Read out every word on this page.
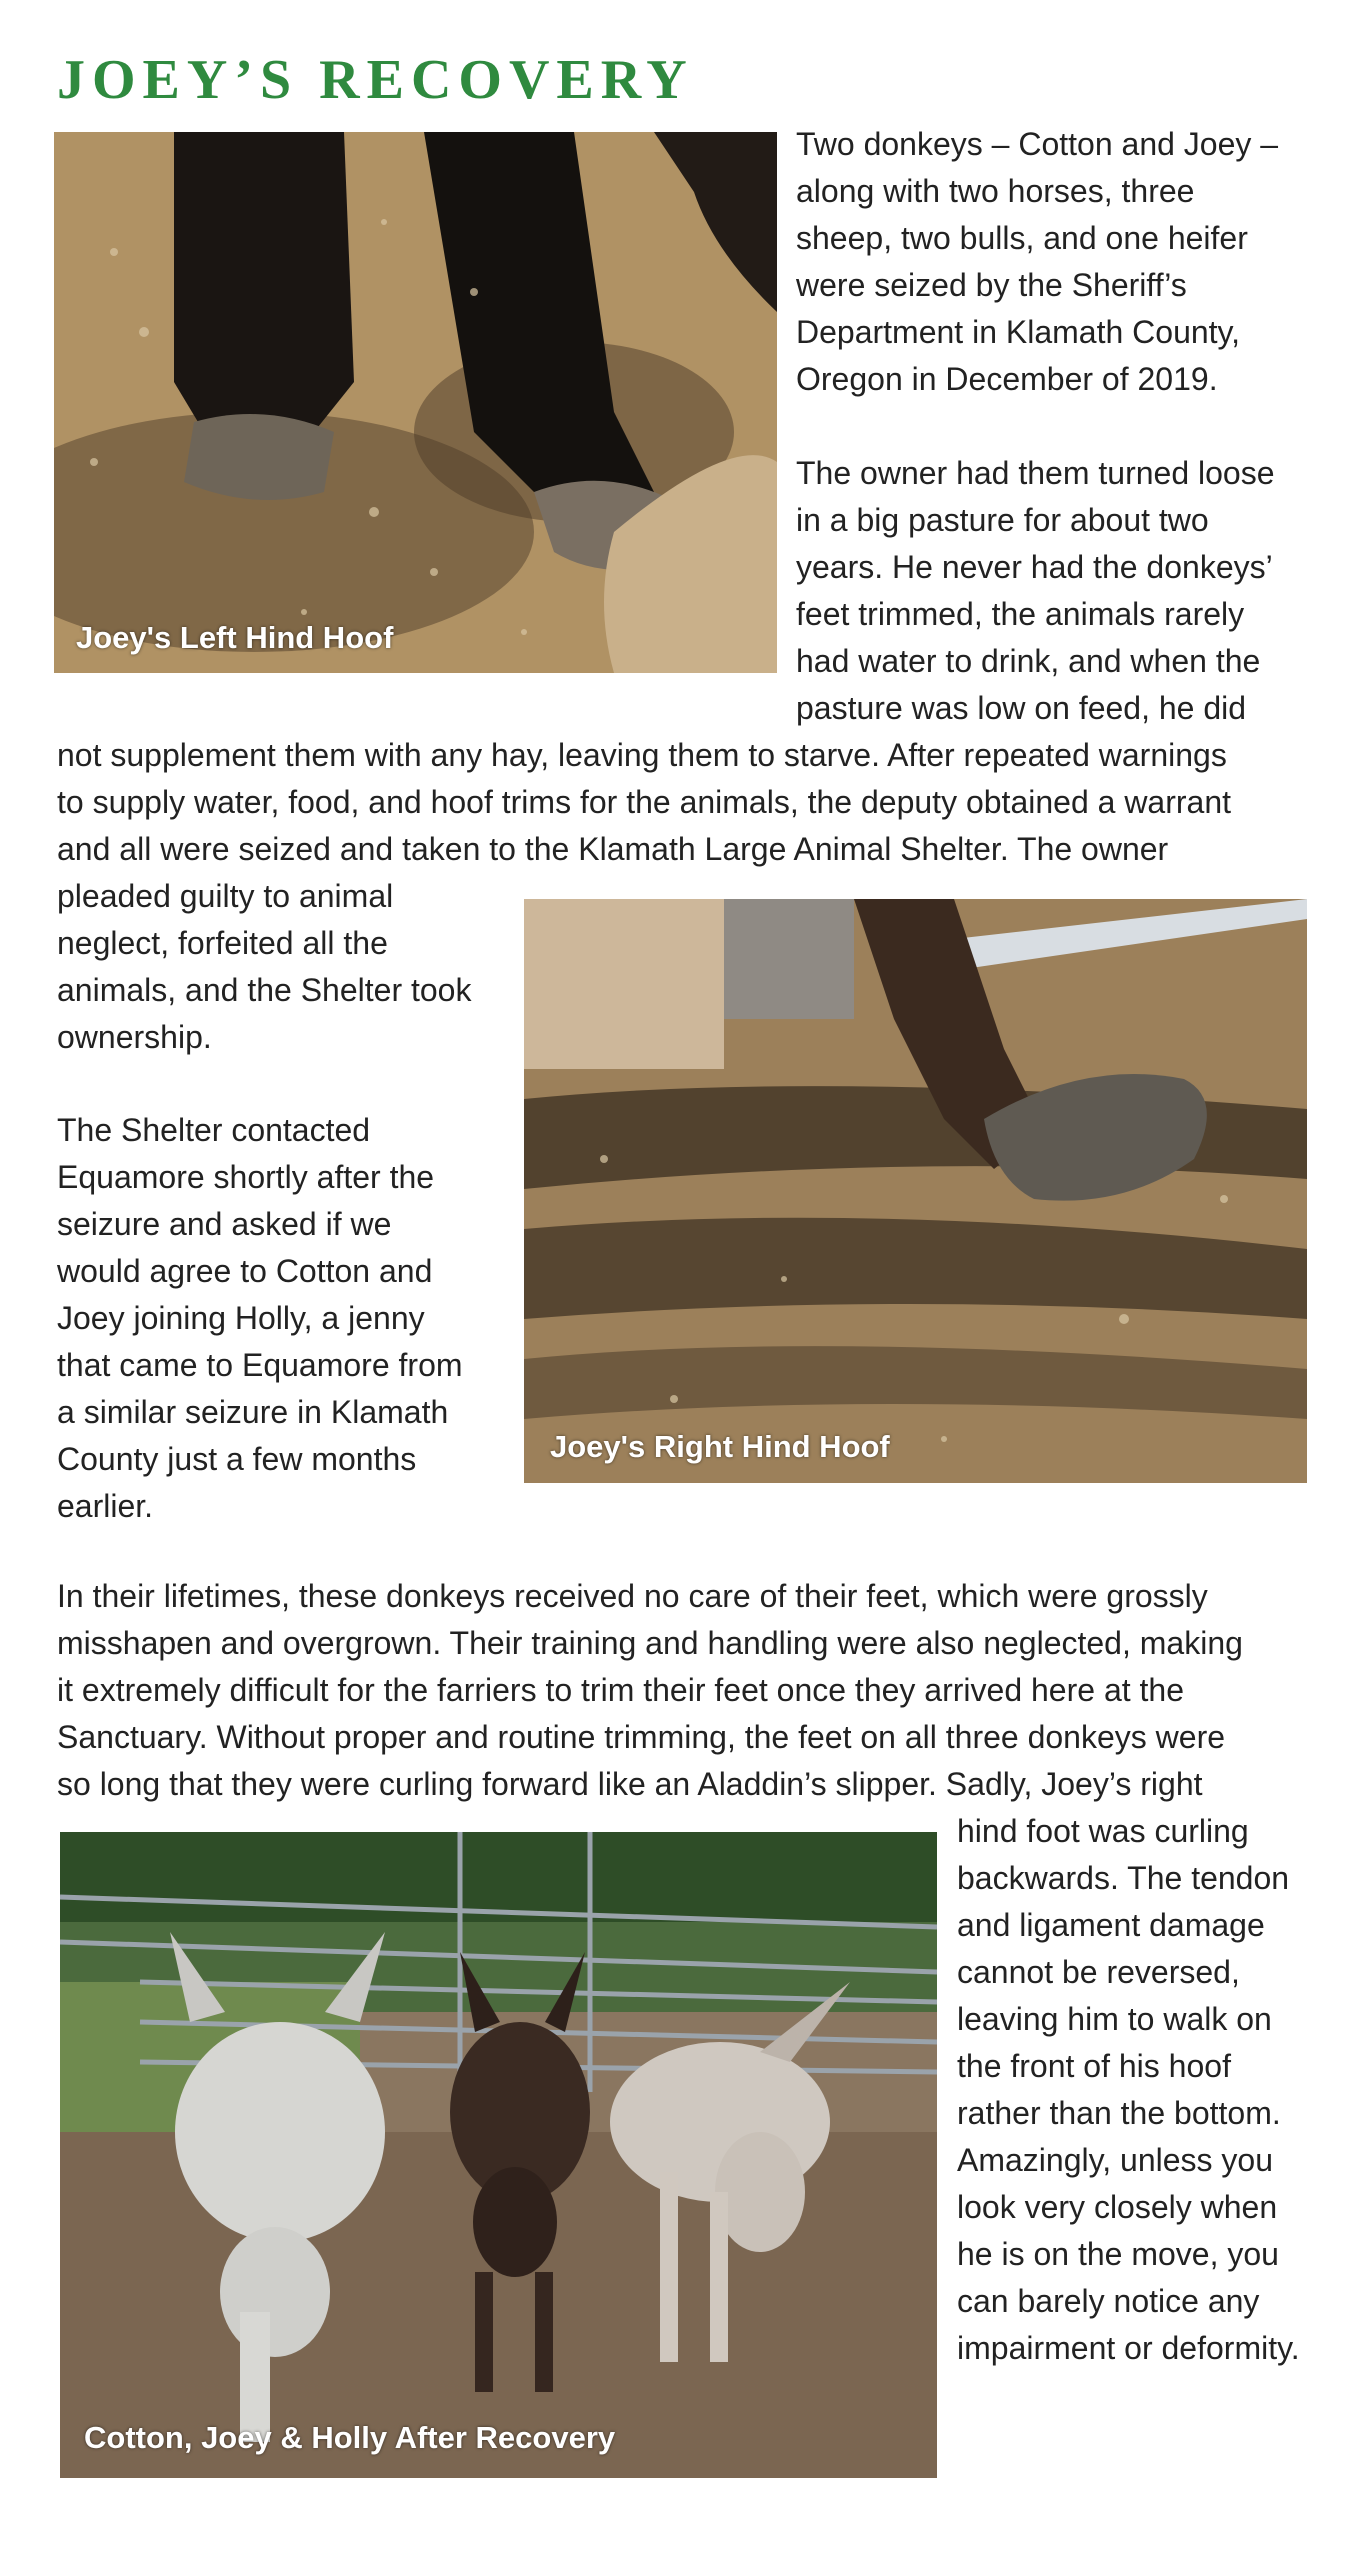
JOEY’S RECOVERY
Joey's Left Hind Hoof

Two donkeys – Cotton and Joey –
along with two horses, three
sheep, two bulls, and one heifer
were seized by the Sheriff’s
Department in Klamath County,
Oregon in December of 2019.

The owner had them turned loose
in a big pasture for about two
years. He never had the donkeys’
feet trimmed, the animals rarely
had water to drink, and when the
pasture was low on feed, he did

not supplement them with any hay, leaving them to starve. After repeated warnings
to supply water, food, and hoof trims for the animals, the deputy obtained a warrant
and all were seized and taken to the Klamath Large Animal Shelter. The owner

pleaded guilty to animal
neglect, forfeited all the
animals, and the Shelter took
ownership.

Joey's Right Hind Hoof

The Shelter contacted
Equamore shortly after the
seizure and asked if we
would agree to Cotton and
Joey joining Holly, a jenny
that came to Equamore from
a similar seizure in Klamath
County just a few months
earlier.

In their lifetimes, these donkeys received no care of their feet, which were grossly
misshapen and overgrown. Their training and handling were also neglected, making
it extremely difficult for the farriers to trim their feet once they arrived here at the
Sanctuary. Without proper and routine trimming, the feet on all three donkeys were
so long that they were curling forward like an Aladdin’s slipper. Sadly, Joey’s right

Cotton, Joey & Holly After Recovery

hind foot was curling
backwards. The tendon
and ligament damage
cannot be reversed,
leaving him to walk on
the front of his hoof
rather than the bottom.
Amazingly, unless you
look very closely when
he is on the move, you
can barely notice any
impairment or deformity.
